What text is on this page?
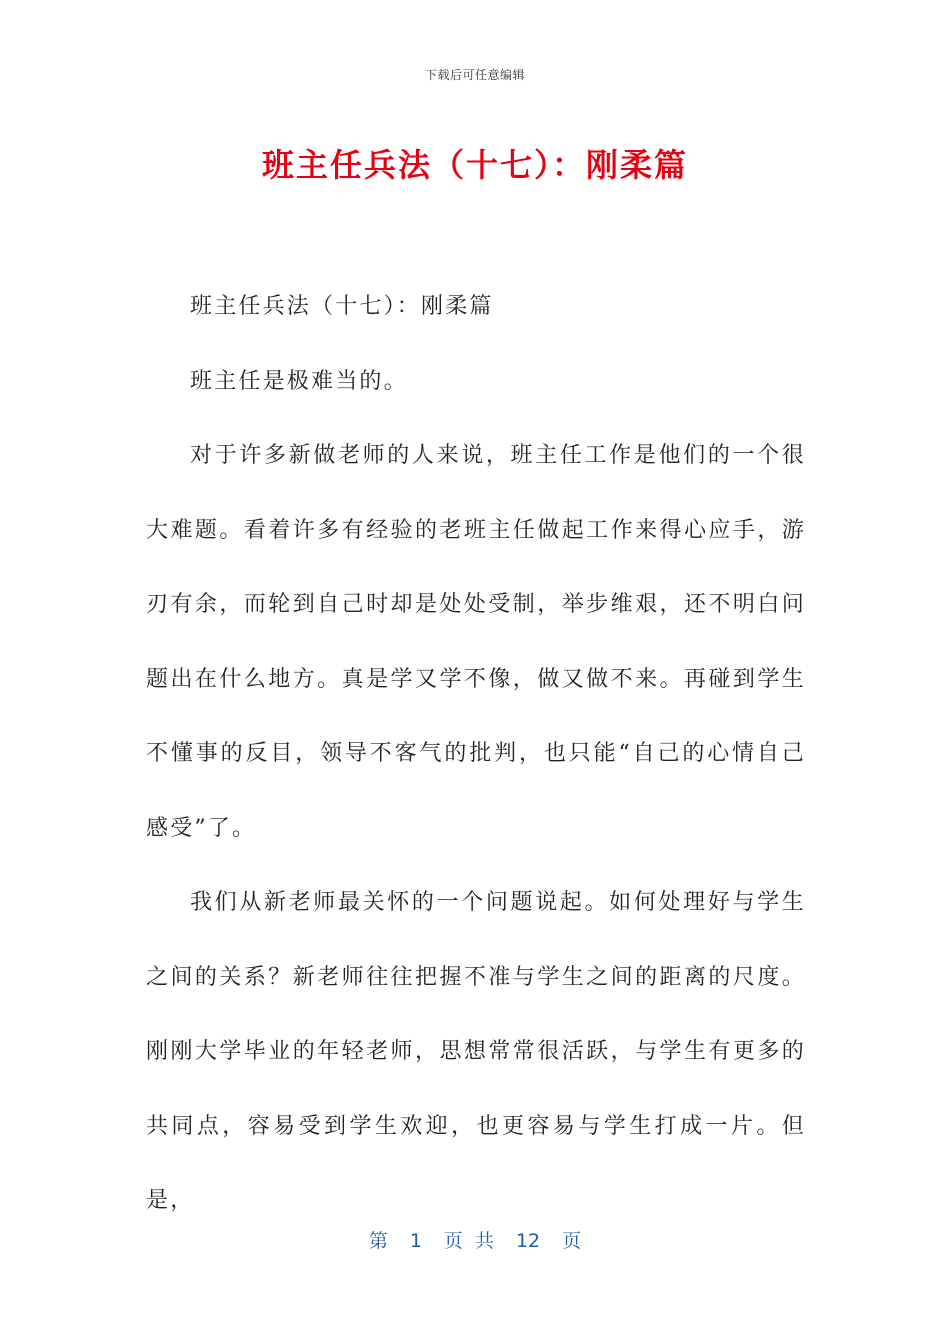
下载后可任意编辑
班主任兵法（十七）：刚柔篇

班主任兵法（十七）：刚柔篇

班主任是极难当的。

对于许多新做老师的人来说，班主任工作是他们的一个很大难题。看着许多有经验的老班主任做起工作来得心应手，游刃有余，而轮到自己时却是处处受制，举步维艰，还不明白问题出在什么地方。真是学又学不像，做又做不来。再碰到学生不懂事的反目，领导不客气的批判，也只能“自己的心情自己感受”了。

我们从新老师最关怀的一个问题说起。如何处理好与学生之间的关系？新老师往往把握不准与学生之间的距离的尺度。刚刚大学毕业的年轻老师，思想常常很活跃，与学生有更多的共同点，容易受到学生欢迎，也更容易与学生打成一片。但是，

第 1 页 共 12 页
